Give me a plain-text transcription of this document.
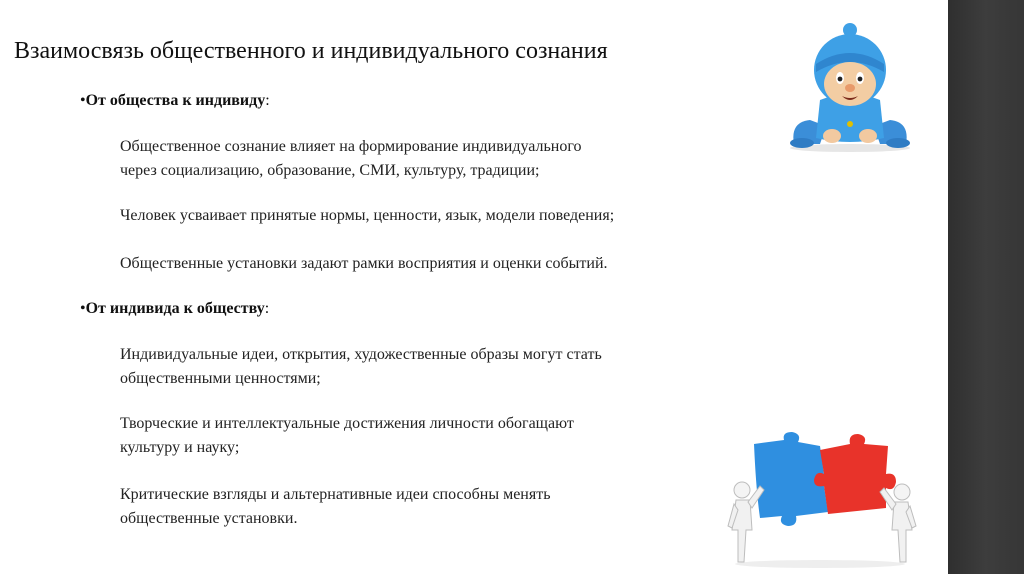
Взаимосвязь общественного и индивидуального сознания
•От общества к индивиду:
Общественное сознание влияет на формирование индивидуального
через социализацию, образование, СМИ, культуру, традиции;
Человек усваивает принятые нормы, ценности, язык, модели поведения;
Общественные установки задают рамки восприятия и оценки событий.
•От индивида к обществу:
Индивидуальные идеи, открытия, художественные образы могут стать
общественными ценностями;
Творческие и интеллектуальные достижения личности обогащают
культуру и науку;
Критические взгляды и альтернативные идеи способны менять
общественные установки.
